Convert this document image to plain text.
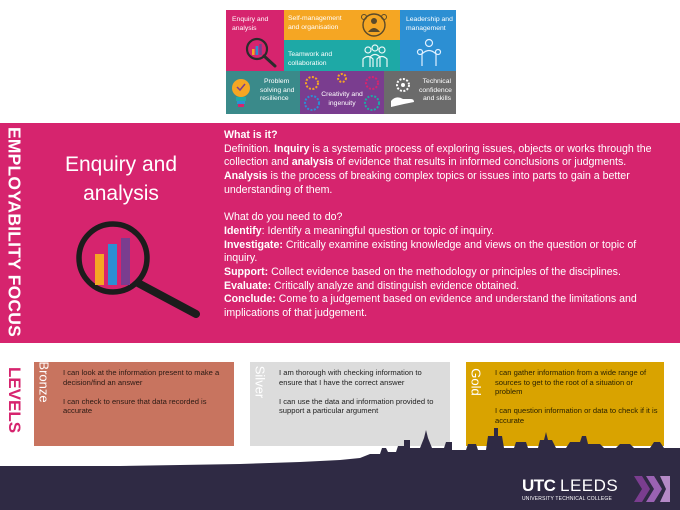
Enquiry and
analysis
Self-management
and organisation
Teamwork and
collaboration
Leadership and
management
Problem
solving and
resilience
Creativity and
ingenuity
Technical
confidence
and skills
EMPLOYABILITY FOCUS	Enquiry and
analysis
What is it?

Definition. Inquiry is a systematic process of exploring issues, objects or works through the collection and analysis of evidence that results in informed conclusions or judgments. Analysis is the process of breaking complex topics or issues into parts to gain a better understanding of them.

What do you need to do?

Identify: Identify a meaningful question or topic of inquiry.

Investigate: Critically examine existing knowledge and views on the question or topic of inquiry.

Support: Collect evidence based on the methodology or principles of the disciplines.

Evaluate: Critically analyze and distinguish evidence obtained.

Conclude: Come to a judgement based on evidence and understand the limitations and implications of that judgement.

LEVELS Bronze I can look at the information present to make a decision/find an answer

I can check to ensure that data recorded is accurate

Silver I am thorough with checking information to ensure that I have the correct answer

I can use the data and information provided to support a particular argument

Gold I can gather information from a wide range of sources to get to the root of a situation or problem

I can question information or data to check if it is accurate

UTC LEEDS
UNIVERSITY TECHNICAL COLLEGE
